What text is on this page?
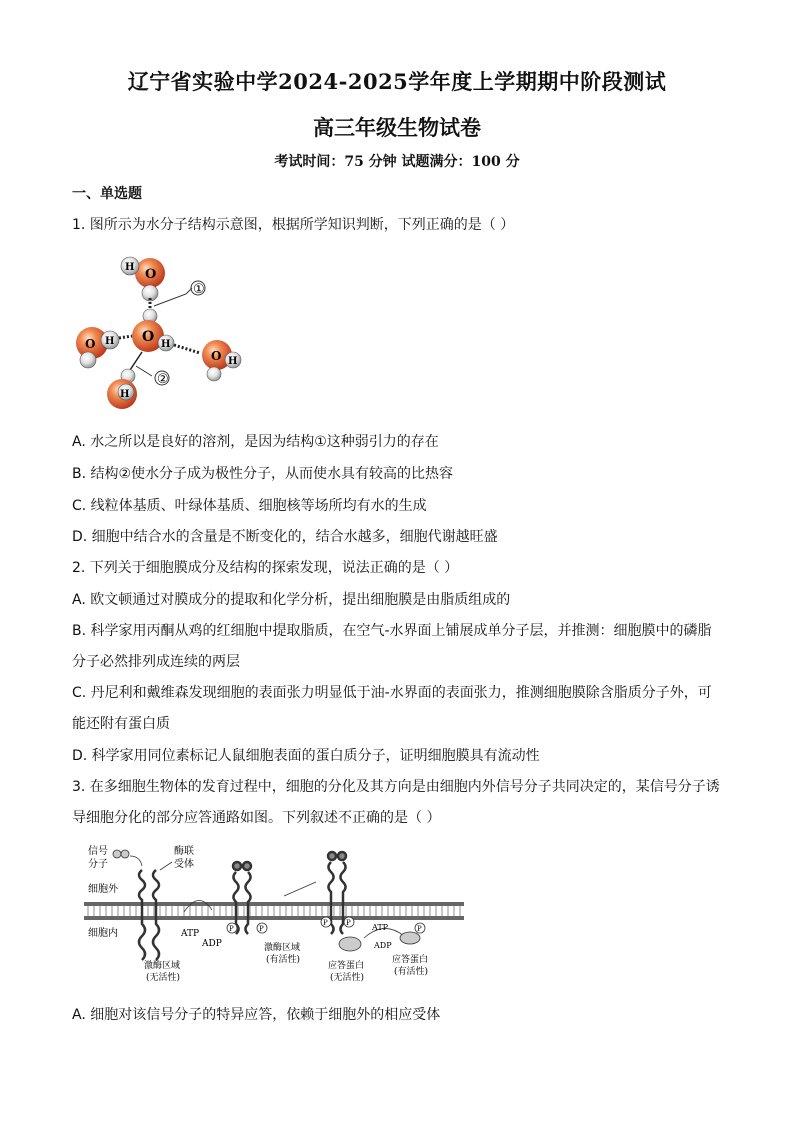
辽宁省实验中学2024-2025学年度上学期期中阶段测试
高三年级生物试卷
考试时间：75 分钟 试题满分：100 分
一、单选题
1. 图所示为水分子结构示意图，根据所学知识判断，下列正确的是（ ）
O
H
①
O H
O H
O H
H
②
A. 水之所以是良好的溶剂，是因为结构①这种弱引力的存在
B. 结构②使水分子成为极性分子，从而使水具有较高的比热容
C. 线粒体基质、叶绿体基质、细胞核等场所均有水的生成
D. 细胞中结合水的含量是不断变化的，结合水越多，细胞代谢越旺盛
2. 下列关于细胞膜成分及结构的探索发现，说法正确的是（ ）
A. 欧文顿通过对膜成分的提取和化学分析，提出细胞膜是由脂质组成的
B. 科学家用丙酮从鸡的红细胞中提取脂质，在空气-水界面上铺展成单分子层，并推测：细胞膜中的磷脂
分子必然排列成连续的两层
C. 丹尼利和戴维森发现细胞的表面张力明显低于油-水界面的表面张力，推测细胞膜除含脂质分子外，可
能还附有蛋白质
D. 科学家用同位素标记人鼠细胞表面的蛋白质分子，证明细胞膜具有流动性
3. 在多细胞生物体的发育过程中，细胞的分化及其方向是由细胞内外信号分子共同决定的，某信号分子诱
导细胞分化的部分应答通路如图。下列叙述不正确的是（ ）
信号
分子
细胞外
细胞内
酶联
受体
激酶区域
(无活性)
ATP
ADP
P	P
激酶区域
(有活性)
P	P	ATP
ADP
P
应答蛋白
(无活性)
应答蛋白
(有活性)
A. 细胞对该信号分子的特异应答，依赖于细胞外的相应受体
